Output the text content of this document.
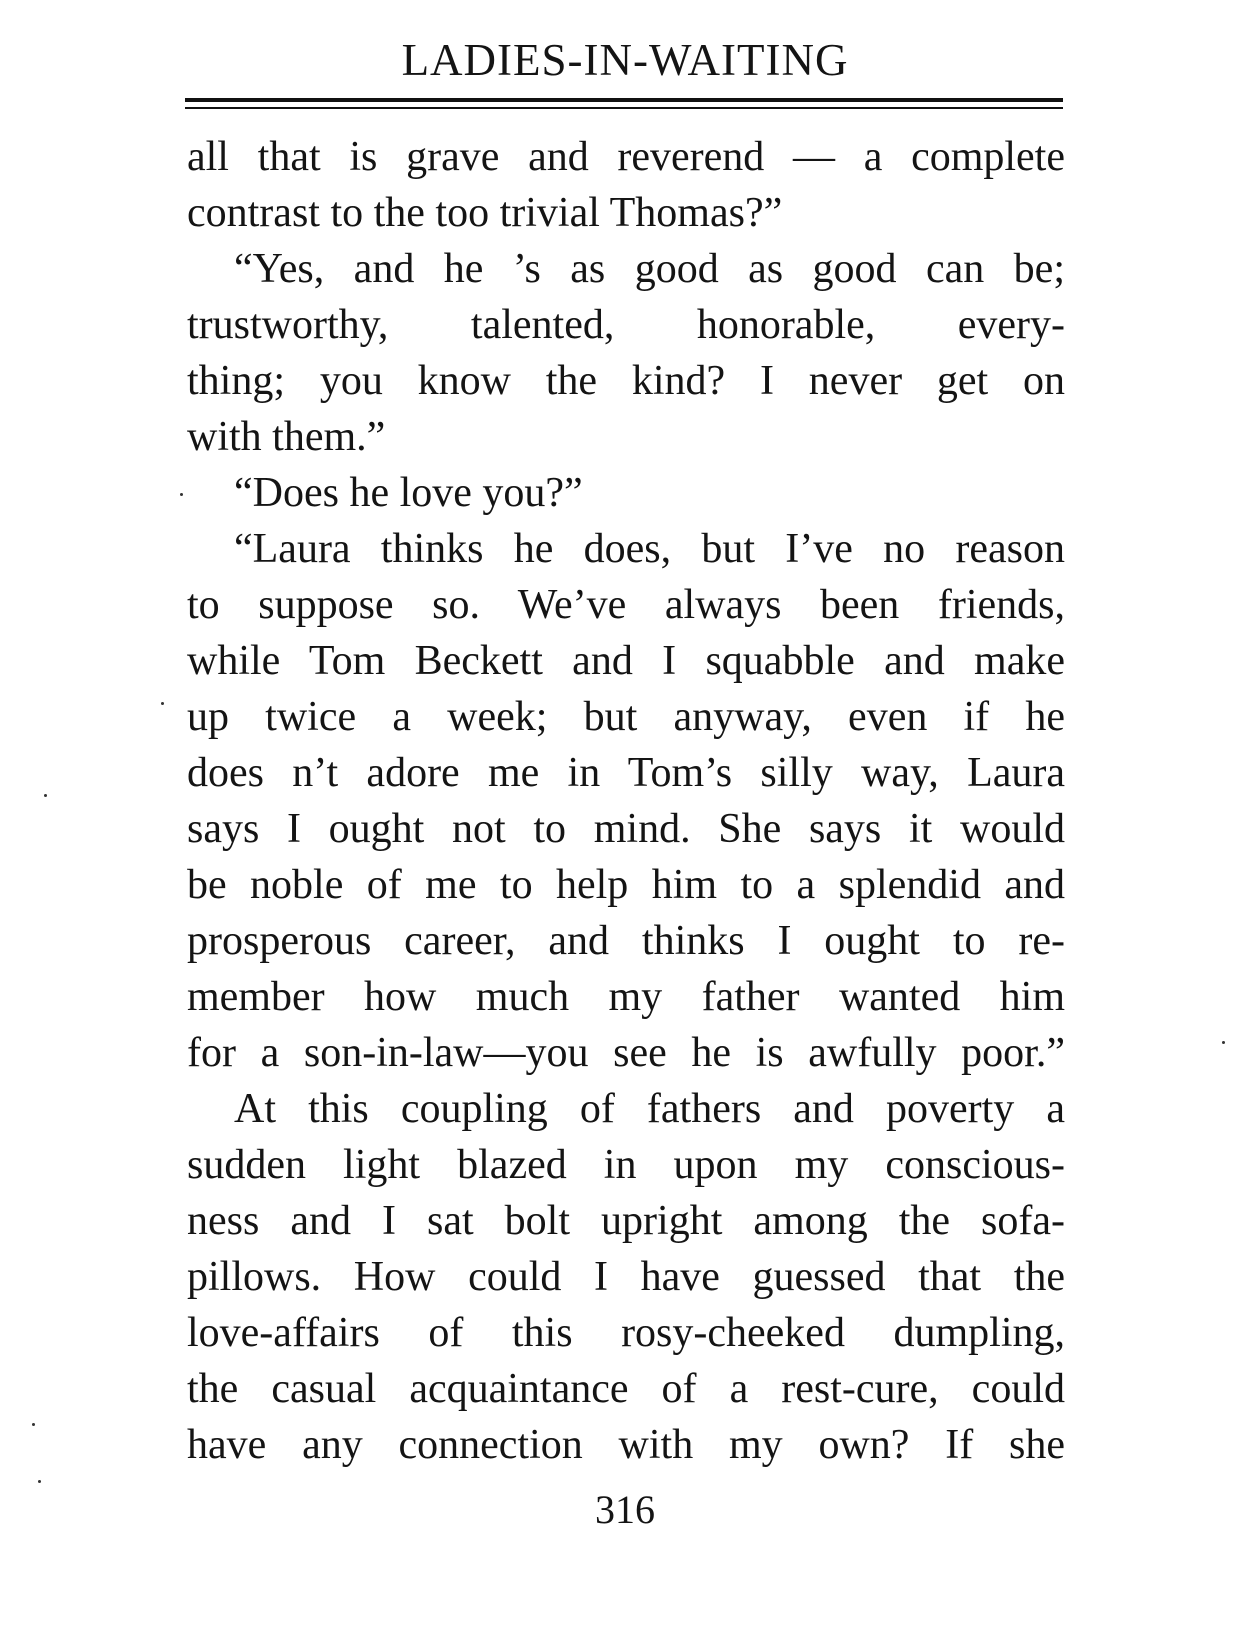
LADIES-IN-WAITING
all that is grave and reverend — a complete
contrast to the too trivial Thomas?”
“Yes, and he ’s as good as good can be;
trustworthy, talented, honorable, every-
thing; you know the kind? I never get on
with them.”
“Does he love you?”
“Laura thinks he does, but I’ve no reason
to suppose so. We’ve always been friends,
while Tom Beckett and I squabble and make
up twice a week; but anyway, even if he
does n’t adore me in Tom’s silly way, Laura
says I ought not to mind. She says it would
be noble of me to help him to a splendid and
prosperous career, and thinks I ought to re-
member how much my father wanted him
for a son-in-law—you see he is awfully poor.”
At this coupling of fathers and poverty a
sudden light blazed in upon my conscious-
ness and I sat bolt upright among the sofa-
pillows. How could I have guessed that the
love-affairs of this rosy-cheeked dumpling,
the casual acquaintance of a rest-cure, could
have any connection with my own? If she
316
